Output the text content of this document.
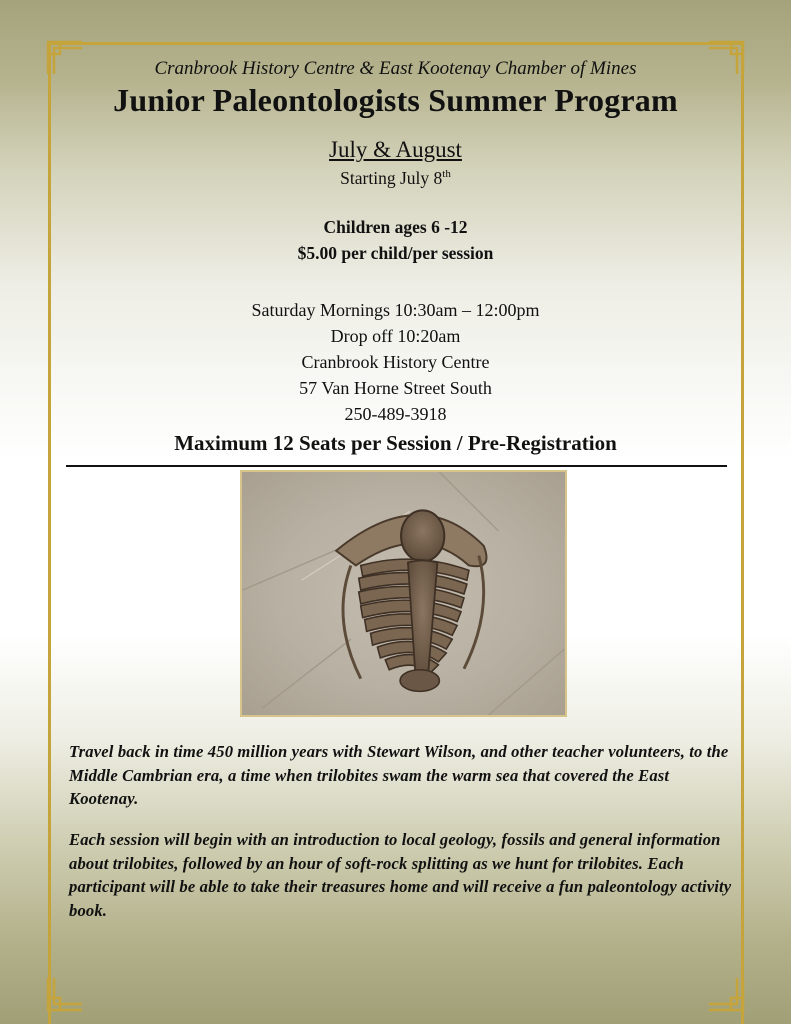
Cranbrook History Centre & East Kootenay Chamber of Mines
Junior Paleontologists Summer Program
July & August
Starting July 8th
Children ages 6 -12
$5.00 per child/per session
Saturday Mornings 10:30am – 12:00pm
Drop off 10:20am
Cranbrook History Centre
57 Van Horne Street South
250-489-3918
Maximum 12 Seats per Session / Pre-Registration
Travel back in time 450 million years with Stewart Wilson, and other teacher volunteers, to the Middle Cambrian era, a time when trilobites swam the warm sea that covered the East Kootenay.
Each session will begin with an introduction to local geology, fossils and general information about trilobites, followed by an hour of soft-rock splitting as we hunt for trilobites. Each participant will be able to take their treasures home and will receive a fun paleontology activity book.
